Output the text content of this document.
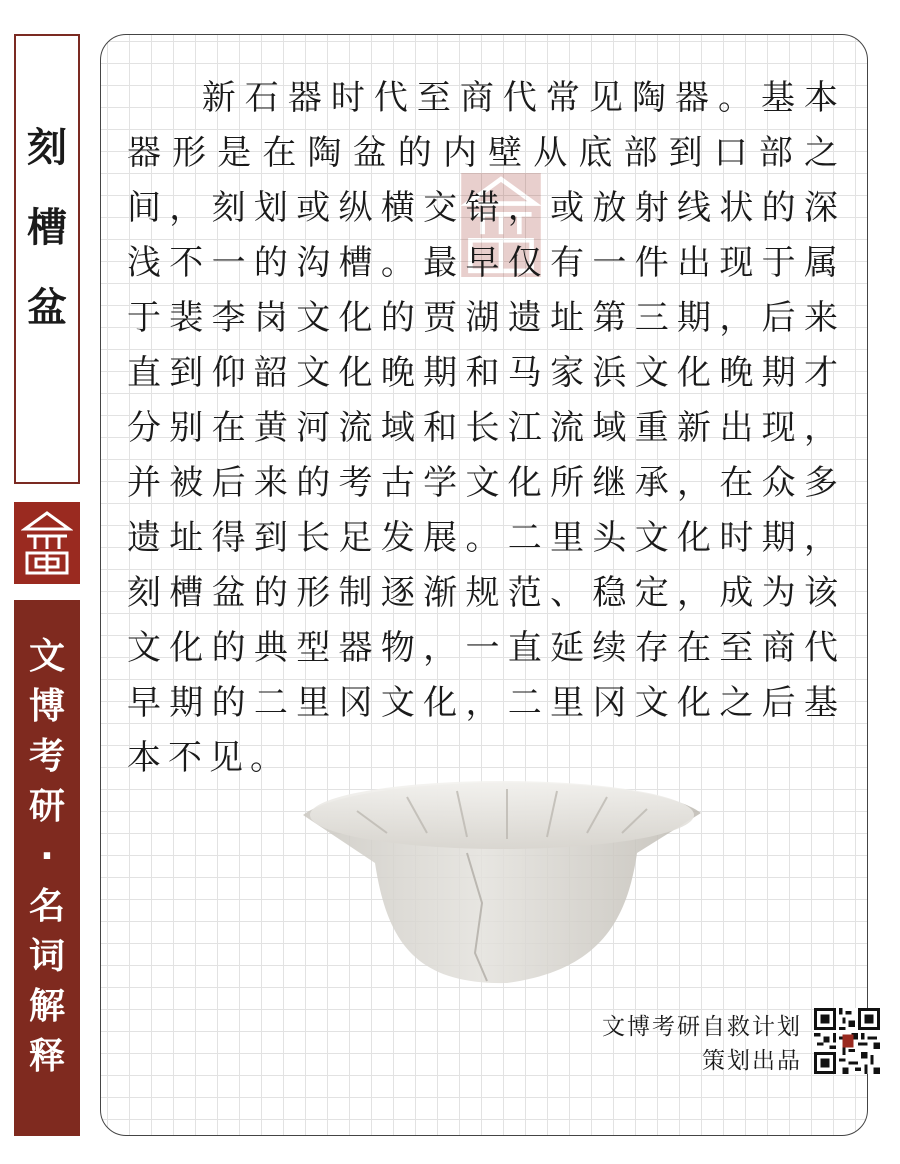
刻
槽
盆
文
博
考
研
·
名
词
解
释

新石器时代至商代常见陶器。基本器形是在陶盆的内壁从底部到口部之间，刻划或纵横交错，或放射线状的深浅不一的沟槽。最早仅有一件出现于属于裴李岗文化的贾湖遗址第三期，后来直到仰韶文化晚期和马家浜文化晚期才分别在黄河流域和长江流域重新出现，并被后来的考古学文化所继承，在众多遗址得到长足发展。二里头文化时期，刻槽盆的形制逐渐规范、稳定，成为该文化的典型器物，一直延续存在至商代早期的二里冈文化，二里冈文化之后基本不见。

文博考研自救计划
策划出品
